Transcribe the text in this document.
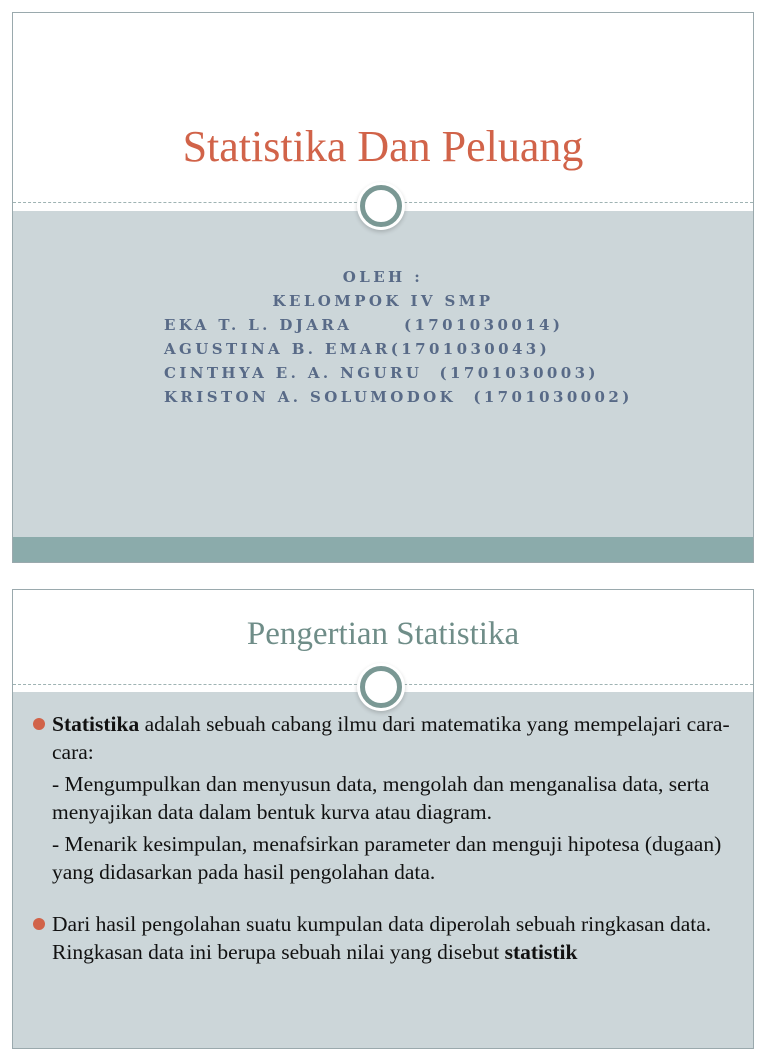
Statistika Dan Peluang
OLEH :
KELOMPOK IV SMP
EKA T. L. DJARA      (1701030014)
AGUSTINA B. EMAR(1701030043)
CINTHYA E. A. NGURU  (1701030003)
KRISTON A. SOLUMODOK  (1701030002)
Pengertian Statistika
Statistika adalah sebuah cabang ilmu dari matematika yang mempelajari cara-cara:
- Mengumpulkan dan menyusun data, mengolah dan menganalisa data, serta menyajikan data dalam bentuk kurva atau diagram.
- Menarik kesimpulan, menafsirkan parameter dan menguji hipotesa (dugaan) yang didasarkan pada hasil pengolahan data.
Dari hasil pengolahan suatu kumpulan data diperolah sebuah ringkasan data. Ringkasan data ini berupa sebuah nilai yang disebut statistik
